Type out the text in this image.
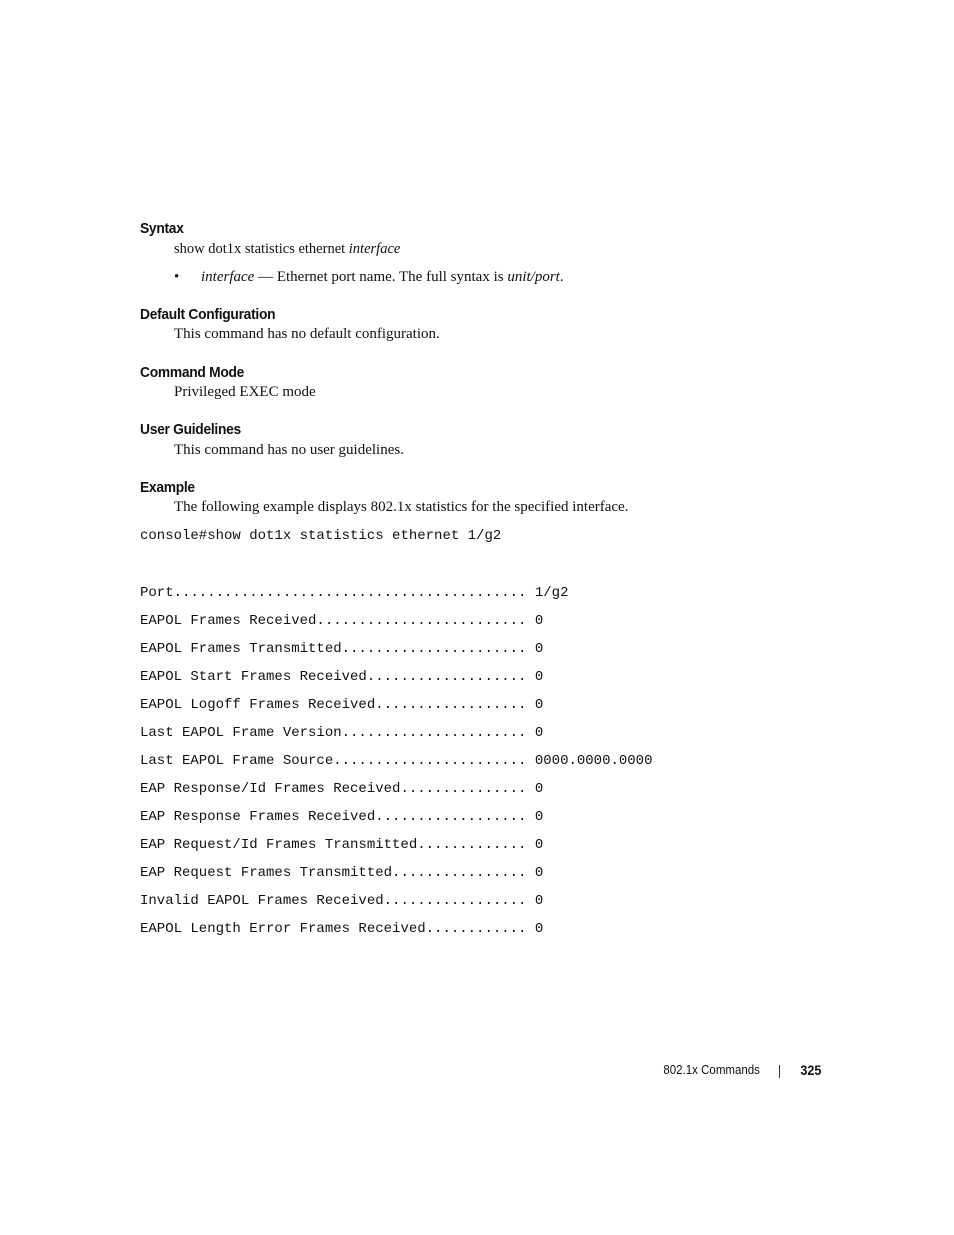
Syntax

show dot1x statistics ethernet interface

• interface — Ethernet port name. The full syntax is unit/port.

Default Configuration

This command has no default configuration.

Command Mode

Privileged EXEC mode

User Guidelines

This command has no user guidelines.

Example

The following example displays 802.1x statistics for the specified interface.

console#show dot1x statistics ethernet 1/g2

Port.......................................... 1/g2

EAPOL Frames Received......................... 0

EAPOL Frames Transmitted...................... 0

EAPOL Start Frames Received................... 0

EAPOL Logoff Frames Received.................. 0

Last EAPOL Frame Version...................... 0

Last EAPOL Frame Source....................... 0000.0000.0000

EAP Response/Id Frames Received............... 0

EAP Response Frames Received.................. 0

EAP Request/Id Frames Transmitted............. 0

EAP Request Frames Transmitted................ 0

Invalid EAPOL Frames Received................. 0

EAPOL Length Error Frames Received............ 0

802.1x Commands	325
